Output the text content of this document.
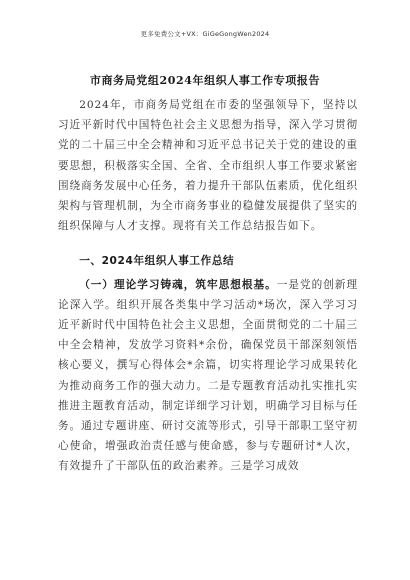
更多免费公文+VX：GiGeGongWen2024
市商务局党组2024年组织人事工作专项报告

2024年，市商务局党组在市委的坚强领导下，坚持以习近平新时代中国特色社会主义思想为指导，深入学习贯彻党的二十届三中全会精神和习近平总书记关于党的建设的重要思想，积极落实全国、全省、全市组织人事工作要求紧密围绕商务发展中心任务，着力提升干部队伍素质，优化组织架构与管理机制，为全市商务事业的稳健发展提供了坚实的组织保障与人才支撑。现将有关工作总结报告如下。

一、2024年组织人事工作总结

（一）理论学习铸魂，筑牢思想根基。一是党的创新理论深入学。组织开展各类集中学习活动*场次，深入学习习近平新时代中国特色社会主义思想，全面贯彻党的二十届三中全会精神，发放学习资料*余份，确保党员干部深刻领悟核心要义，撰写心得体会*余篇，切实将理论学习成果转化为推动商务工作的强大动力。二是专题教育活动扎实推扎实推进主题教育活动，制定详细学习计划，明确学习目标与任务。通过专题讲座、研讨交流等形式，引导干部职工坚守初心使命，增强政治责任感与使命感，参与专题研讨*人次，有效提升了干部队伍的政治素养。三是学习成效
